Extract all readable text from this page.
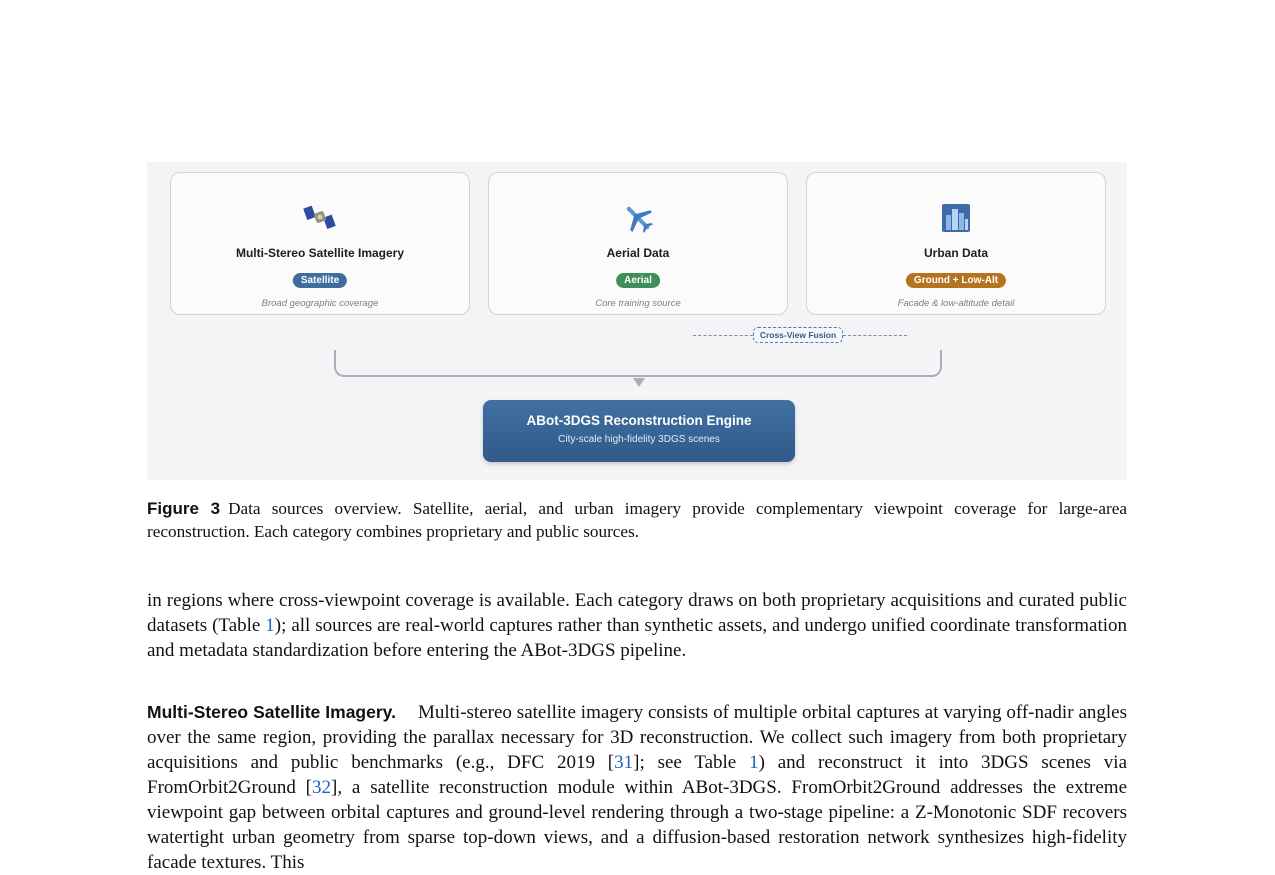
Multi-Stereo Satellite Imagery
Satellite
Broad geographic coverage
Aerial Data
Aerial
Core training source
Urban Data
Ground + Low-Alt
Facade & low-altitude detail
Cross-View Fusion
ABot-3DGS Reconstruction Engine
City-scale high-fidelity 3DGS scenes
Figure 3 Data sources overview. Satellite, aerial, and urban imagery provide complementary viewpoint coverage for large-area reconstruction. Each category combines proprietary and public sources.
in regions where cross-viewpoint coverage is available. Each category draws on both proprietary acquisitions and curated public datasets (Table 1); all sources are real-world captures rather than synthetic assets, and undergo unified coordinate transformation and metadata standardization before entering the ABot-3DGS pipeline.
Multi-Stereo Satellite Imagery. Multi-stereo satellite imagery consists of multiple orbital captures at varying off-nadir angles over the same region, providing the parallax necessary for 3D reconstruction. We collect such imagery from both proprietary acquisitions and public benchmarks (e.g., DFC 2019 [31]; see Table 1) and reconstruct it into 3DGS scenes via FromOrbit2Ground [32], a satellite reconstruction module within ABot-3DGS. FromOrbit2Ground addresses the extreme viewpoint gap between orbital captures and ground-level rendering through a two-stage pipeline: a Z-Monotonic SDF recovers watertight urban geometry from sparse top-down views, and a diffusion-based restoration network synthesizes high-fidelity facade textures. This
